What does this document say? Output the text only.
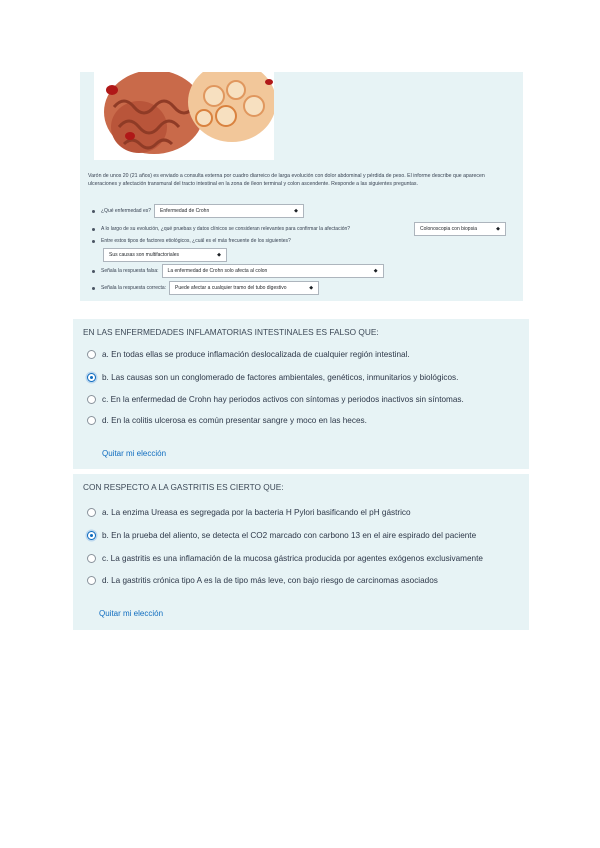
Varón de unos 20 (21 años) es enviado a consulta externa por cuadro diarreico de larga evolución con dolor abdominal y pérdida de peso. El informe describe que aparecen ulceraciones y afectación transmural del tracto intestinal en la zona de íleon terminal y colon ascendente. Responde a las siguientes preguntas.
¿Qué enfermedad es? Enfermedad de Crohn	◆
A lo largo de su evolución, ¿qué pruebas y datos clínicos se consideran relevantes para confirmar la afectación?	Colonoscopia con biopsia	◆
Entre estos tipos de factores etiológicos, ¿cuál es el más frecuente de los siguientes?
Sus causas son multifactoriales	◆
Señala la respuesta falsa: La enfermedad de Crohn solo afecta al colon	◆
Señala la respuesta correcta: Puede afectar a cualquier tramo del tubo digestivo	◆
EN LAS ENFERMEDADES INFLAMATORIAS INTESTINALES ES FALSO QUE:
a. En todas ellas se produce inflamación deslocalizada de cualquier región intestinal.
b. Las causas son un conglomerado de factores ambientales, genéticos, inmunitarios y biológicos.
c. En la enfermedad de Crohn hay periodos activos con síntomas y periodos inactivos sin síntomas.
d. En la colitis ulcerosa es común presentar sangre y moco en las heces.
Quitar mi elección
CON RESPECTO A LA GASTRITIS ES CIERTO QUE:
a. La enzima Ureasa es segregada por la bacteria H Pylori basificando el pH gástrico
b. En la prueba del aliento, se detecta el CO2 marcado con carbono 13 en el aire espirado del paciente
c. La gastritis es una inflamación de la mucosa gástrica producida por agentes exógenos exclusivamente
d. La gastritis crónica tipo A es la de tipo más leve, con bajo riesgo de carcinomas asociados
Quitar mi elección
